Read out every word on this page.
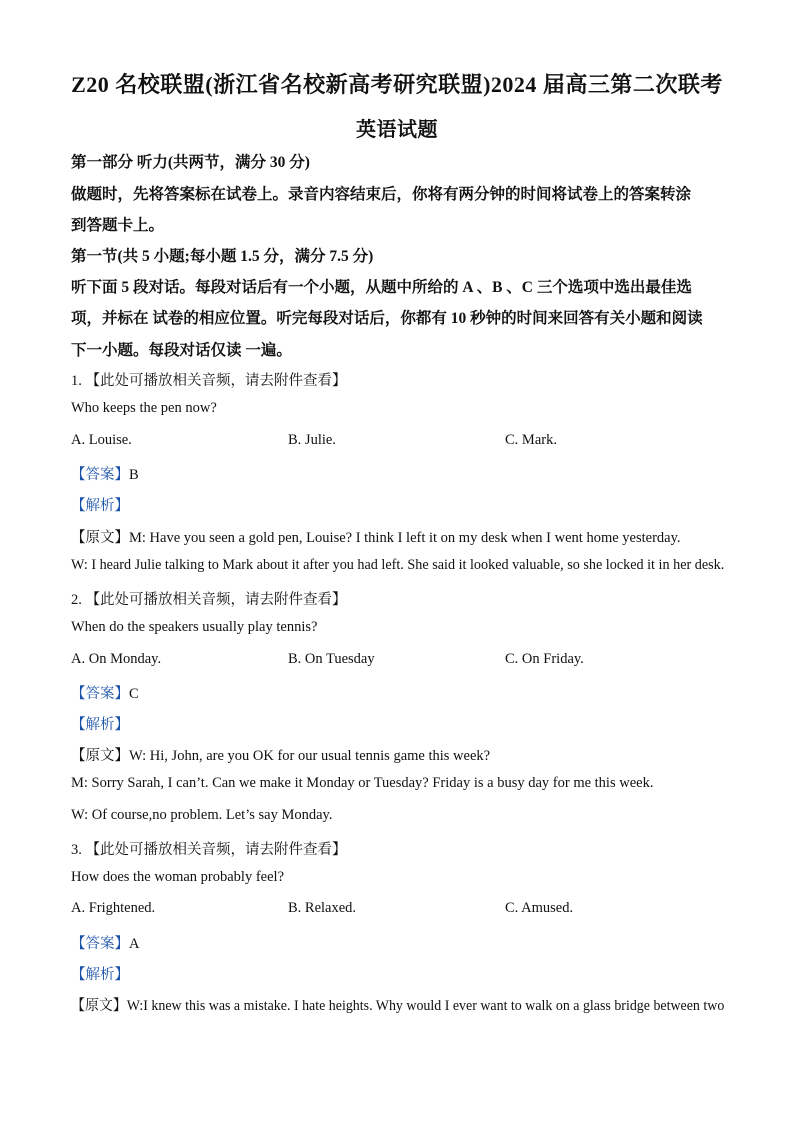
Z20 名校联盟(浙江省名校新高考研究联盟)2024 届高三第二次联考
英语试题
第一部分 听力(共两节，满分 30 分)
做题时，先将答案标在试卷上。录音内容结束后，你将有两分钟的时间将试卷上的答案转涂
到答题卡上。
第一节(共 5 小题;每小题 1.5 分，满分 7.5 分)
听下面 5 段对话。每段对话后有一个小题，从题中所给的 A 、B 、C 三个选项中选出最佳选
项，并标在 试卷的相应位置。听完每段对话后，你都有 10 秒钟的时间来回答有关小题和阅读
下一小题。每段对话仅读 一遍。
1. 【此处可播放相关音频，请去附件查看】
Who keeps the pen now?
A. Louise.	B. Julie.	C. Mark.
【答案】B
【解析】
【原文】M: Have you seen a gold pen, Louise? I think I left it on my desk when I went home yesterday.
W: I heard Julie talking to Mark about it after you had left. She said it looked valuable, so she locked it in her desk.
2. 【此处可播放相关音频，请去附件查看】
When do the speakers usually play tennis?
A. On Monday.	B. On Tuesday	C. On Friday.
【答案】C
【解析】
【原文】W: Hi, John, are you OK for our usual tennis game this week?
M: Sorry Sarah, I can’t. Can we make it Monday or Tuesday? Friday is a busy day for me this week.
W: Of course,no problem. Let’s say Monday.
3. 【此处可播放相关音频，请去附件查看】
How does the woman probably feel?
A. Frightened.	B. Relaxed.	C. Amused.
【答案】A
【解析】
【原文】W:I knew this was a mistake. I hate heights. Why would I ever want to walk on a glass bridge between two
